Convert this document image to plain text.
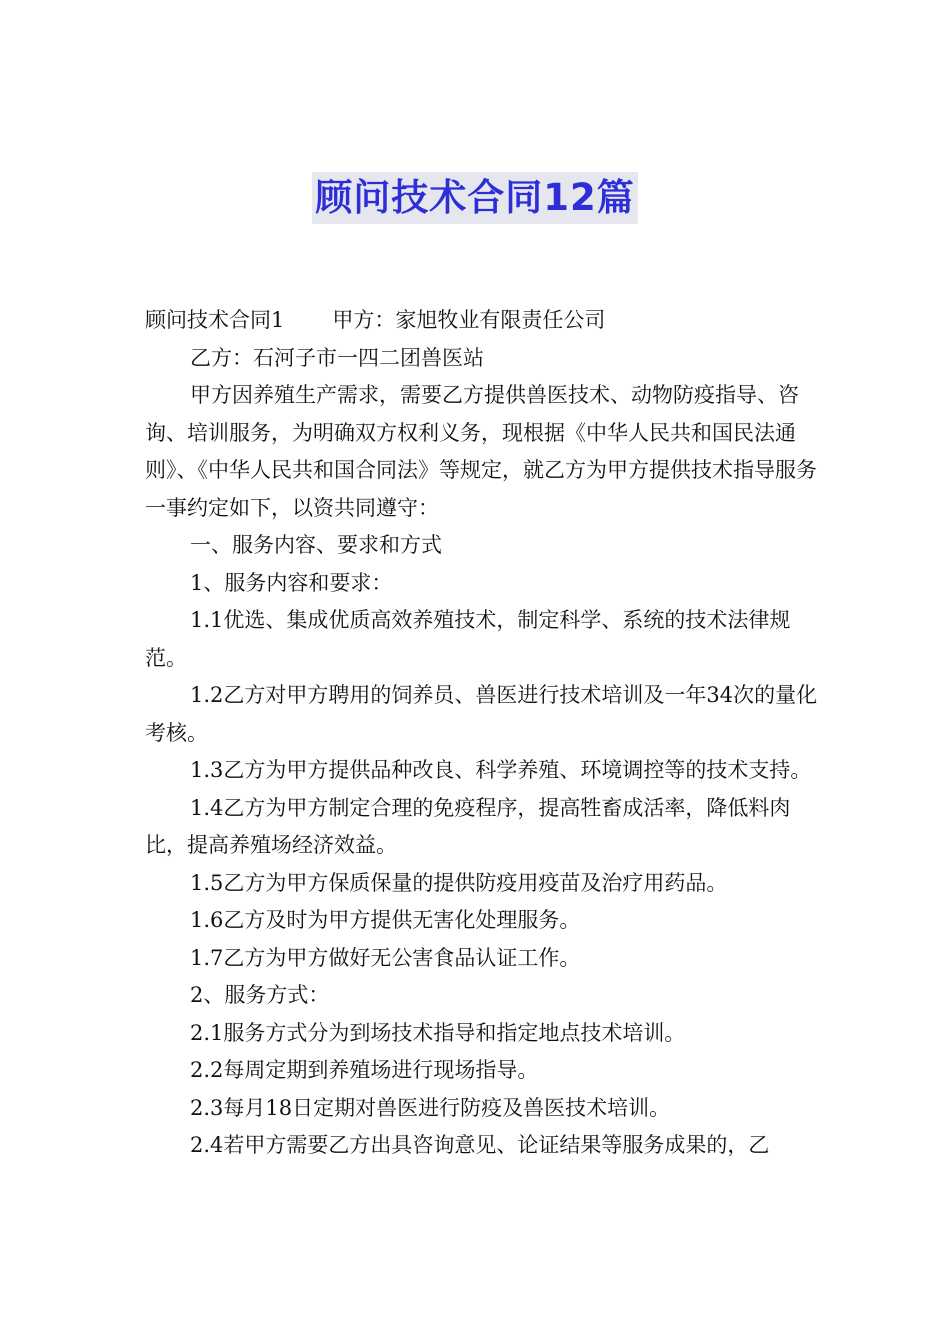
顾问技术合同12篇

顾问技术合同1 甲方：家旭牧业有限责任公司

乙方：石河子市一四二团兽医站

甲方因养殖生产需求，需要乙方提供兽医技术、动物防疫指导、咨询、培训服务，为明确双方权利义务，现根据《中华人民共和国民法通则》、《中华人民共和国合同法》等规定，就乙方为甲方提供技术指导服务一事约定如下，以资共同遵守：

一、服务内容、要求和方式

1、服务内容和要求：

1.1优选、集成优质高效养殖技术，制定科学、系统的技术法律规范。

1.2乙方对甲方聘用的饲养员、兽医进行技术培训及一年34次的量化考核。

1.3乙方为甲方提供品种改良、科学养殖、环境调控等的技术支持。

1.4乙方为甲方制定合理的免疫程序，提高牲畜成活率，降低料肉比，提高养殖场经济效益。

1.5乙方为甲方保质保量的提供防疫用疫苗及治疗用药品。

1.6乙方及时为甲方提供无害化处理服务。

1.7乙方为甲方做好无公害食品认证工作。

2、服务方式：

2.1服务方式分为到场技术指导和指定地点技术培训。

2.2每周定期到养殖场进行现场指导。

2.3每月18日定期对兽医进行防疫及兽医技术培训。

2.4若甲方需要乙方出具咨询意见、论证结果等服务成果的，乙
